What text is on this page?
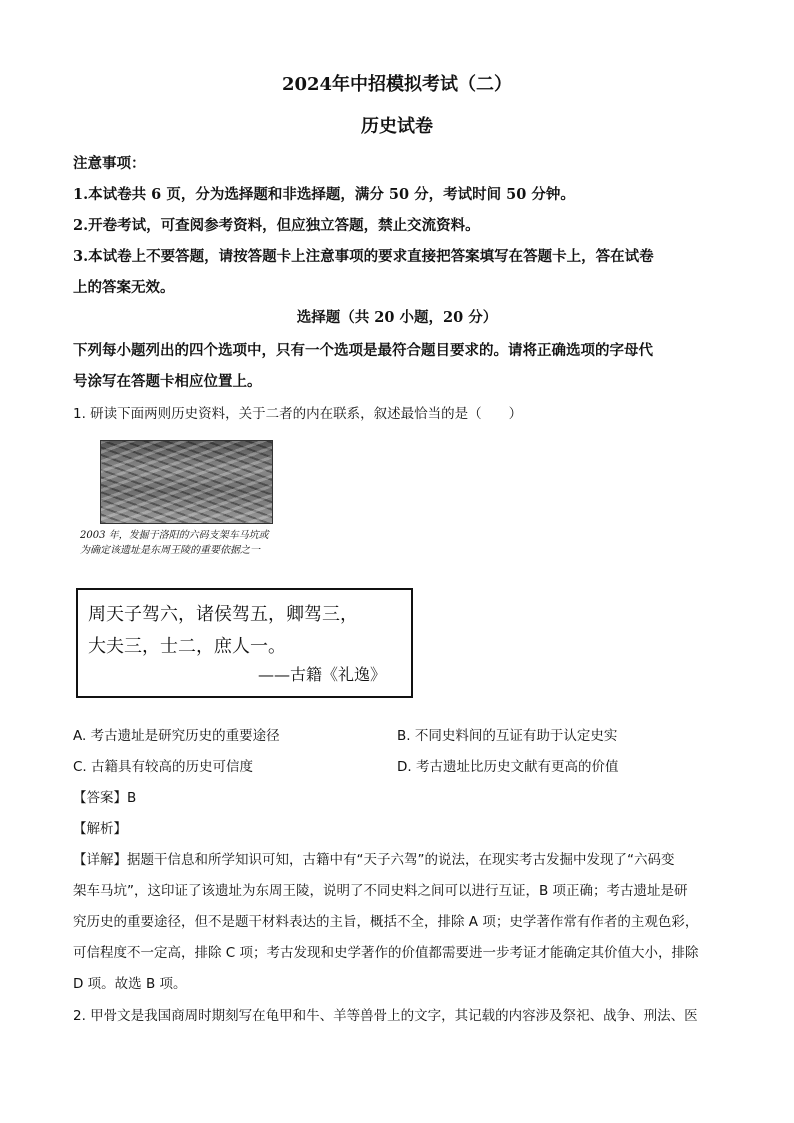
2024年中招模拟考试（二）
历史试卷
注意事项：
1.本试卷共 6 页，分为选择题和非选择题，满分 50 分，考试时间 50 分钟。
2.开卷考试，可查阅参考资料，但应独立答题，禁止交流资料。
3.本试卷上不要答题，请按答题卡上注意事项的要求直接把答案填写在答题卡上，答在试卷
上的答案无效。
选择题（共 20 小题，20 分）
下列每小题列出的四个选项中，只有一个选项是最符合题目要求的。请将正确选项的字母代
号涂写在答题卡相应位置上。
1. 研读下面两则历史资料，关于二者的内在联系，叙述最恰当的是（　　）
2003 年，发掘于洛阳的六码支架车马坑或
为确定该遗址是东周王陵的重要依据之一
周天子驾六，诸侯驾五，卿驾三，
大夫三，士二，庶人一。
——古籍《礼逸》
A. 考古遗址是研究历史的重要途径	B. 不同史料间的互证有助于认定史实
C. 古籍具有较高的历史可信度	D. 考古遗址比历史文献有更高的价值
【答案】B
【解析】
【详解】据题干信息和所学知识可知，古籍中有“天子六驾”的说法，在现实考古发掘中发现了“六码变
架车马坑”，这印证了该遗址为东周王陵，说明了不同史料之间可以进行互证，B 项正确；考古遗址是研
究历史的重要途径，但不是题干材料表达的主旨，概括不全，排除 A 项；史学著作常有作者的主观色彩，
可信程度不一定高，排除 C 项；考古发现和史学著作的价值都需要进一步考证才能确定其价值大小，排除
D 项。故选 B 项。
2. 甲骨文是我国商周时期刻写在龟甲和牛、羊等兽骨上的文字，其记载的内容涉及祭祀、战争、刑法、医
